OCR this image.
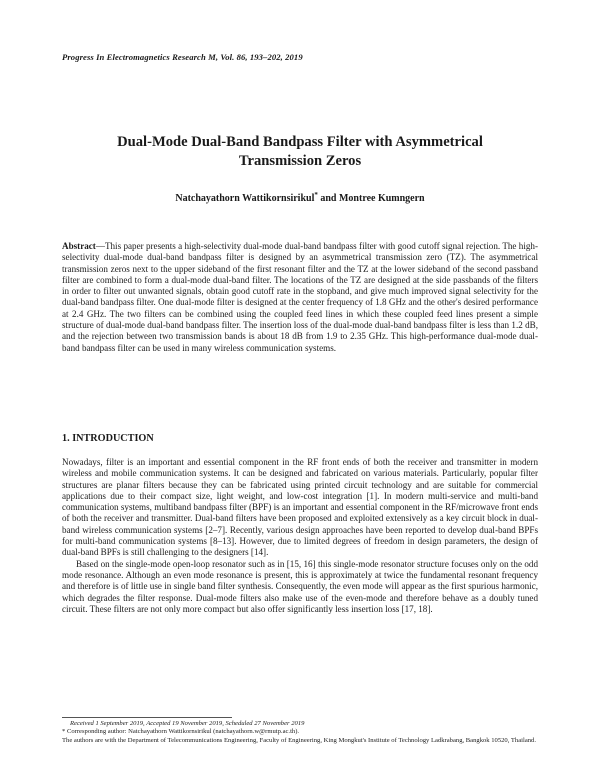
Progress In Electromagnetics Research M, Vol. 86, 193–202, 2019
Dual-Mode Dual-Band Bandpass Filter with Asymmetrical
Transmission Zeros
Natchayathorn Wattikornsirikul* and Montree Kumngern
Abstract—This paper presents a high-selectivity dual-mode dual-band bandpass filter with good cutoff signal rejection. The high-selectivity dual-mode dual-band bandpass filter is designed by an asymmetrical transmission zero (TZ). The asymmetrical transmission zeros next to the upper sideband of the first resonant filter and the TZ at the lower sideband of the second passband filter are combined to form a dual-mode dual-band filter. The locations of the TZ are designed at the side passbands of the filters in order to filter out unwanted signals, obtain good cutoff rate in the stopband, and give much improved signal selectivity for the dual-band bandpass filter. One dual-mode filter is designed at the center frequency of 1.8 GHz and the other's desired performance at 2.4 GHz. The two filters can be combined using the coupled feed lines in which these coupled feed lines present a simple structure of dual-mode dual-band bandpass filter. The insertion loss of the dual-mode dual-band bandpass filter is less than 1.2 dB, and the rejection between two transmission bands is about 18 dB from 1.9 to 2.35 GHz. This high-performance dual-mode dual-band bandpass filter can be used in many wireless communication systems.
1. INTRODUCTION

Nowadays, filter is an important and essential component in the RF front ends of both the receiver and transmitter in modern wireless and mobile communication systems. It can be designed and fabricated on various materials. Particularly, popular filter structures are planar filters because they can be fabricated using printed circuit technology and are suitable for commercial applications due to their compact size, light weight, and low-cost integration [1]. In modern multi-service and multi-band communication systems, multiband bandpass filter (BPF) is an important and essential component in the RF/microwave front ends of both the receiver and transmitter. Dual-band filters have been proposed and exploited extensively as a key circuit block in dual-band wireless communication systems [2–7]. Recently, various design approaches have been reported to develop dual-band BPFs for multi-band communication systems [8–13]. However, due to limited degrees of freedom in design parameters, the design of dual-band BPFs is still challenging to the designers [14].

Based on the single-mode open-loop resonator such as in [15, 16] this single-mode resonator structure focuses only on the odd mode resonance. Although an even mode resonance is present, this is approximately at twice the fundamental resonant frequency and therefore is of little use in single band filter synthesis. Consequently, the even mode will appear as the first spurious harmonic, which degrades the filter response. Dual-mode filters also make use of the even-mode and therefore behave as a doubly tuned circuit. These filters are not only more compact but also offer significantly less insertion loss [17, 18].

Received 1 September 2019, Accepted 19 November 2019, Scheduled 27 November 2019
* Corresponding author: Natchayathorn Wattikornsirikul (natchayathorn.w@rmutp.ac.th).
The authors are with the Department of Telecommunications Engineering, Faculty of Engineering, King Mongkut's Institute of Technology Ladkrabang, Bangkok 10520, Thailand.
